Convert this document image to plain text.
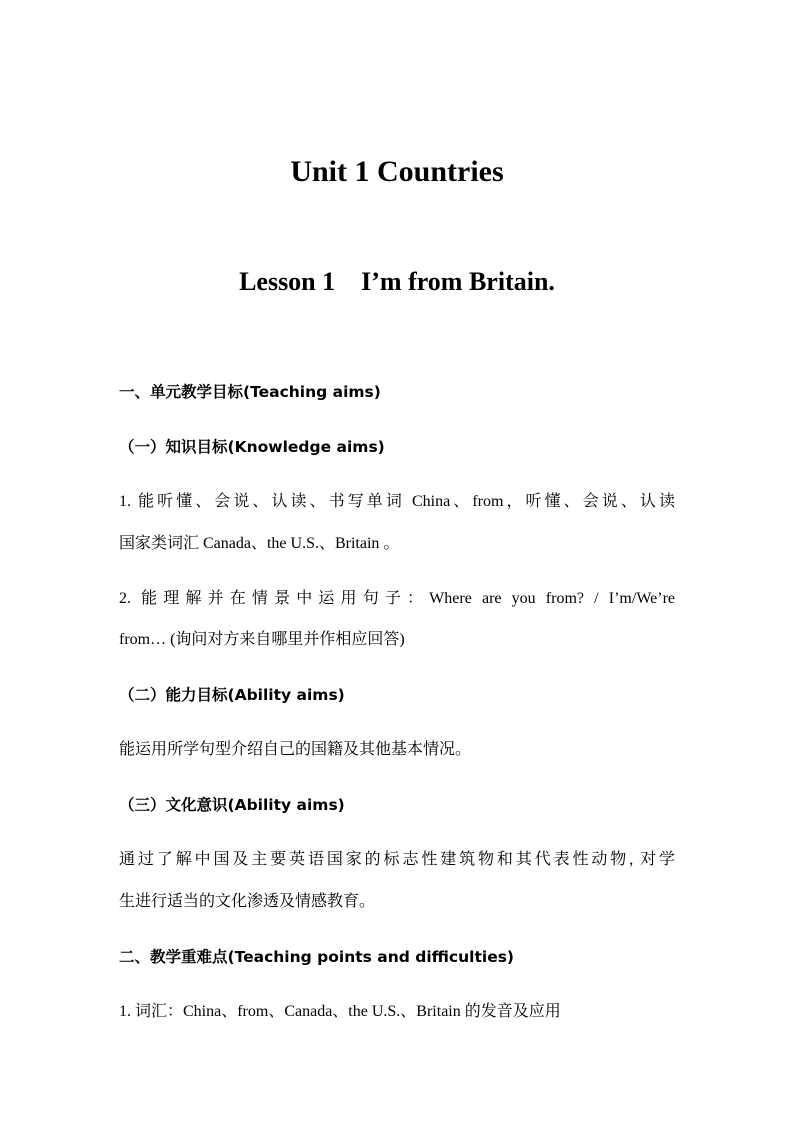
Unit 1 Countries
Lesson 1    I’m from Britain.
一、单元教学目标(Teaching aims)
（一）知识目标(Knowledge aims)
1. 能听懂、会说、认读、书写单词 China、from，听懂、会说、认读
国家类词汇 Canada、the U.S.、Britain 。
2. 能理解并在情景中运用句子：Where are you from? / I’m/We’re
from… (询问对方来自哪里并作相应回答)
（二）能力目标(Ability aims)
能运用所学句型介绍自己的国籍及其他基本情况。
（三）文化意识(Ability aims)
通过了解中国及主要英语国家的标志性建筑物和其代表性动物, 对学
生进行适当的文化渗透及情感教育。
二、教学重难点(Teaching points and difficulties)
1. 词汇：China、from、Canada、the U.S.、Britain 的发音及应用
